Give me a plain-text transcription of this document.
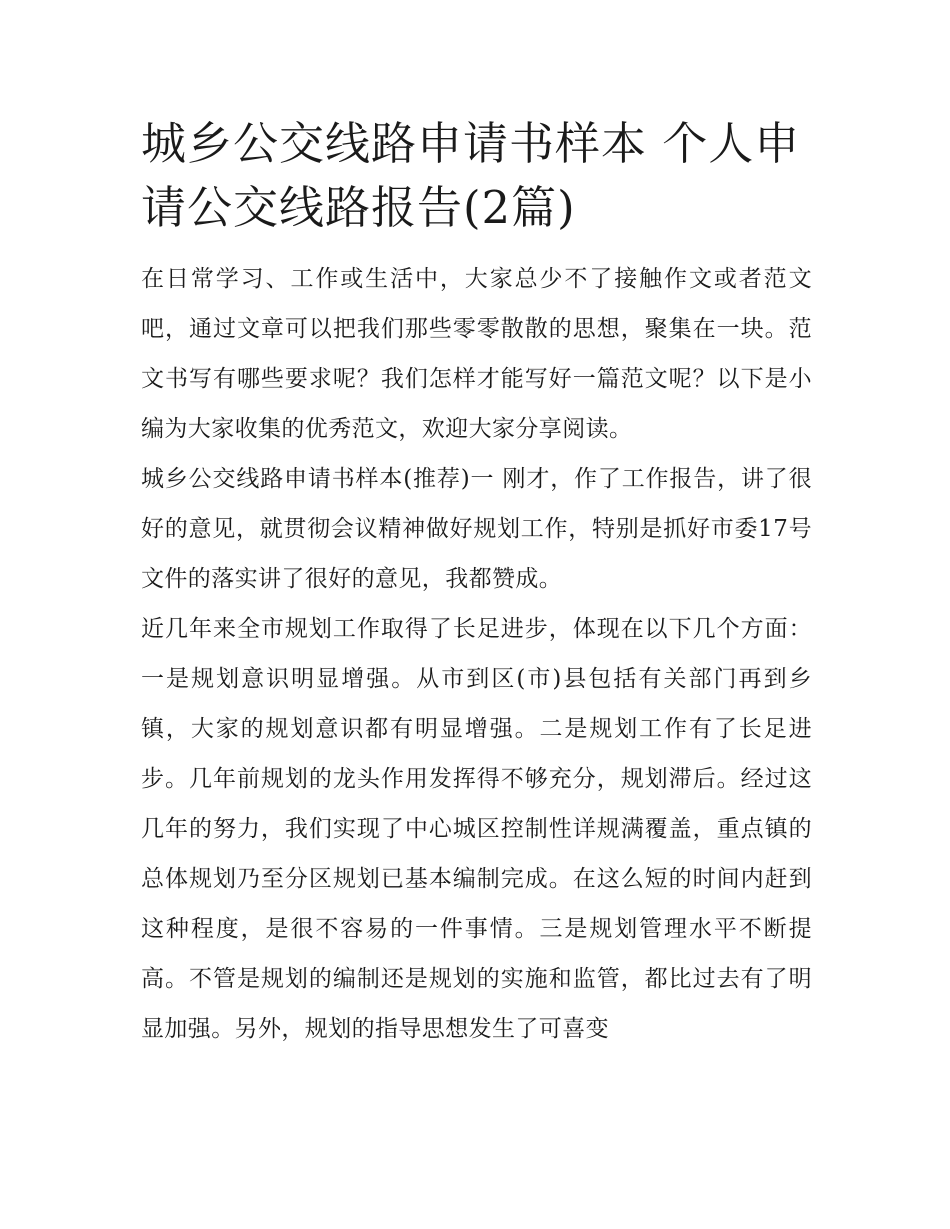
城乡公交线路申请书样本 个人申请公交线路报告(2篇)
在日常学习、工作或生活中，大家总少不了接触作文或者范文吧，通过文章可以把我们那些零零散散的思想，聚集在一块。范文书写有哪些要求呢？我们怎样才能写好一篇范文呢？以下是小编为大家收集的优秀范文，欢迎大家分享阅读。
城乡公交线路申请书样本(推荐)一 刚才，作了工作报告，讲了很好的意见，就贯彻会议精神做好规划工作，特别是抓好市委17号文件的落实讲了很好的意见，我都赞成。
近几年来全市规划工作取得了长足进步，体现在以下几个方面：一是规划意识明显增强。从市到区(市)县包括有关部门再到乡镇，大家的规划意识都有明显增强。二是规划工作有了长足进步。几年前规划的龙头作用发挥得不够充分，规划滞后。经过这几年的努力，我们实现了中心城区控制性详规满覆盖，重点镇的总体规划乃至分区规划已基本编制完成。在这么短的时间内赶到这种程度，是很不容易的一件事情。三是规划管理水平不断提高。不管是规划的编制还是规划的实施和监管，都比过去有了明显加强。另外，规划的指导思想发生了可喜变
